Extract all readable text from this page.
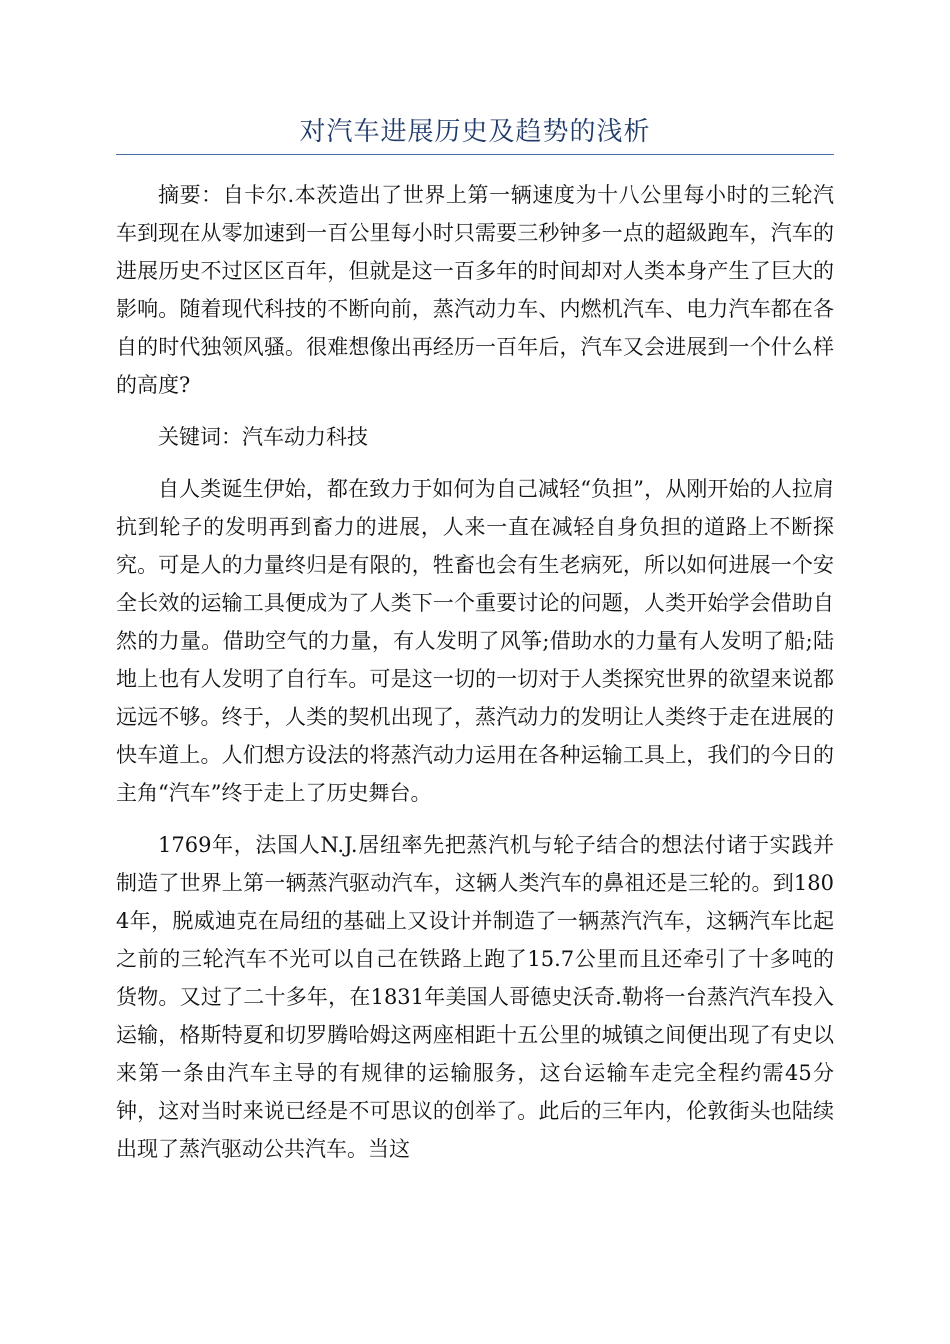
对汽车进展历史及趋势的浅析

摘要：自卡尔.本茨造出了世界上第一辆速度为十八公里每小时的三轮汽车到现在从零加速到一百公里每小时只需要三秒钟多一点的超級跑车，汽车的进展历史不过区区百年，但就是这一百多年的时间却对人类本身产生了巨大的影响。随着现代科技的不断向前，蒸汽动力车、内燃机汽车、电力汽车都在各自的时代独领风骚。很难想像出再经历一百年后，汽车又会进展到一个什么样的高度?

关键词：汽车动力科技

自人类诞生伊始，都在致力于如何为自己减轻“负担”，从刚开始的人拉肩抗到轮子的发明再到畜力的进展，人来一直在减轻自身负担的道路上不断探究。可是人的力量终归是有限的，牲畜也会有生老病死，所以如何进展一个安全长效的运输工具便成为了人类下一个重要讨论的问题，人类开始学会借助自然的力量。借助空气的力量，有人发明了风筝;借助水的力量有人发明了船;陆地上也有人发明了自行车。可是这一切的一切对于人类探究世界的欲望来说都远远不够。终于，人类的契机出现了，蒸汽动力的发明让人类终于走在进展的快车道上。人们想方设法的将蒸汽动力运用在各种运输工具上，我们的今日的主角“汽车”终于走上了历史舞台。

1769年，法国人N.J.居纽率先把蒸汽机与轮子结合的想法付诸于实践并制造了世界上第一辆蒸汽驱动汽车，这辆人类汽车的鼻祖还是三轮的。到1804年，脱威迪克在局纽的基础上又设计并制造了一辆蒸汽汽车，这辆汽车比起之前的三轮汽车不光可以自己在铁路上跑了15.7公里而且还牵引了十多吨的货物。又过了二十多年，在1831年美国人哥德史沃奇.勒将一台蒸汽汽车投入运输，格斯特夏和切罗腾哈姆这两座相距十五公里的城镇之间便出现了有史以来第一条由汽车主导的有规律的运输服务，这台运输车走完全程约需45分钟，这对当时来说已经是不可思议的创举了。此后的三年内，伦敦街头也陆续出现了蒸汽驱动公共汽车。当这
